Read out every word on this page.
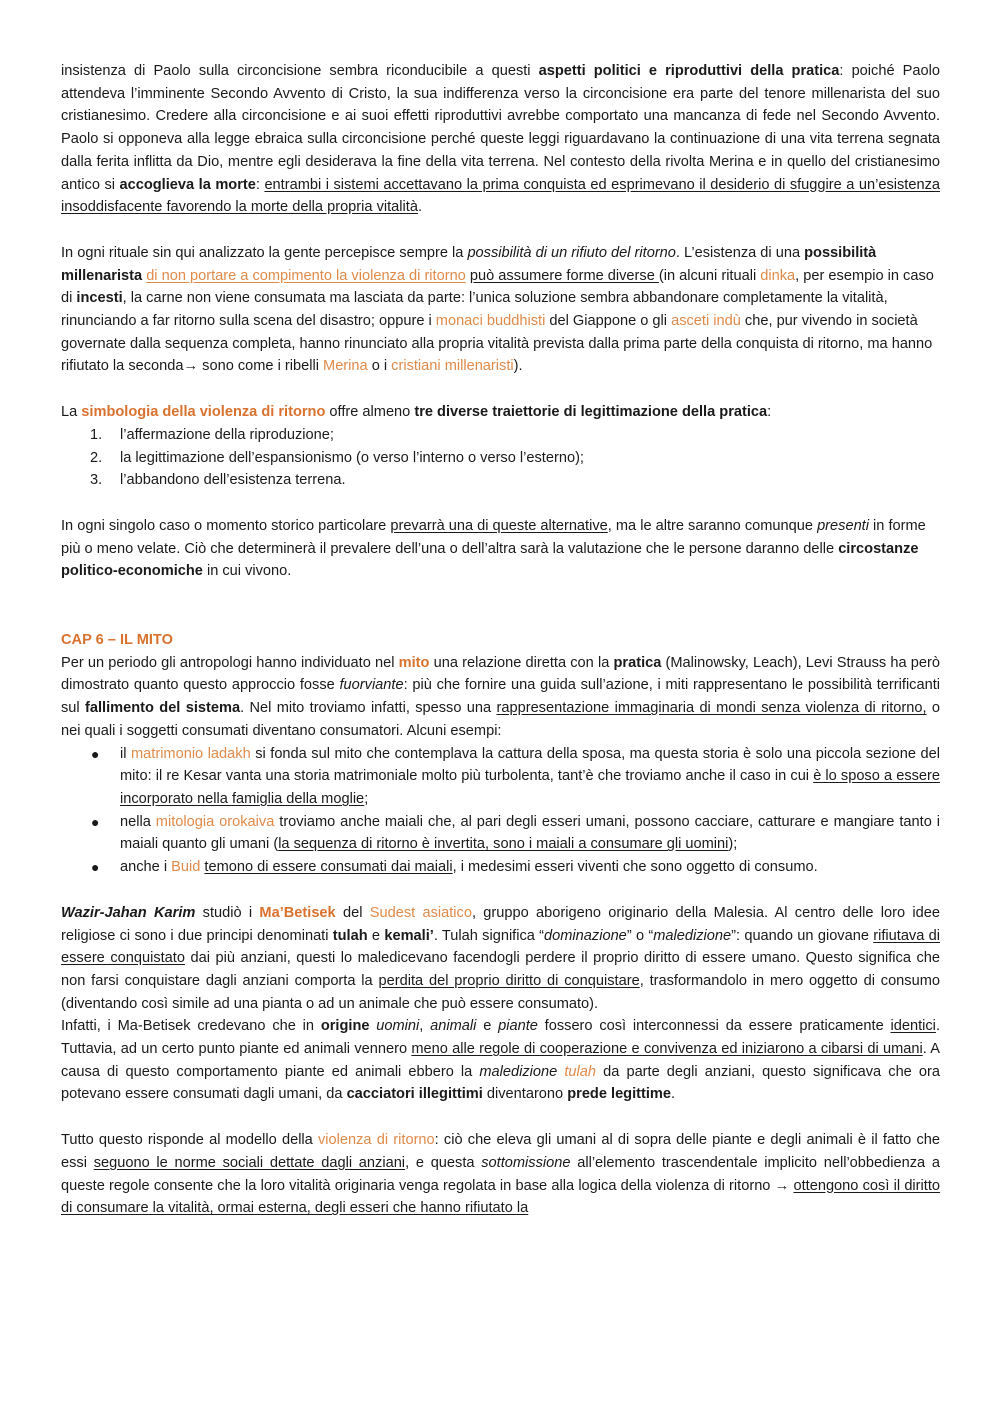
insistenza di Paolo sulla circoncisione sembra riconducibile a questi aspetti politici e riproduttivi della pratica: poiché Paolo attendeva l’imminente Secondo Avvento di Cristo, la sua indifferenza verso la circoncisione era parte del tenore millenarista del suo cristianesimo. Credere alla circoncisione e ai suoi effetti riproduttivi avrebbe comportato una mancanza di fede nel Secondo Avvento. Paolo si opponeva alla legge ebraica sulla circoncisione perché queste leggi riguardavano la continuazione di una vita terrena segnata dalla ferita inflitta da Dio, mentre egli desiderava la fine della vita terrena. Nel contesto della rivolta Merina e in quello del cristianesimo antico si accoglieva la morte: entrambi i sistemi accettavano la prima conquista ed esprimevano il desiderio di sfuggire a un’esistenza insoddisfacente favorendo la morte della propria vitalità.

In ogni rituale sin qui analizzato la gente percepisce sempre la possibilità di un rifiuto del ritorno. L’esistenza di una possibilità millenarista di non portare a compimento la violenza di ritorno può assumere forme diverse (in alcuni rituali dinka, per esempio in caso di incesti, la carne non viene consumata ma lasciata da parte: l’unica soluzione sembra abbandonare completamente la vitalità, rinunciando a far ritorno sulla scena del disastro; oppure i monaci buddhisti del Giappone o gli asceti indù che, pur vivendo in società governate dalla sequenza completa, hanno rinunciato alla propria vitalità prevista dalla prima parte della conquista di ritorno, ma hanno rifiutato la seconda→ sono come i ribelli Merina o i cristiani millenaristi).

La simbologia della violenza di ritorno offre almeno tre diverse traiettorie di legittimazione della pratica:

1. l’affermazione della riproduzione;
2. la legittimazione dell’espansionismo (o verso l’interno o verso l’esterno);
3. l’abbandono dell’esistenza terrena.

In ogni singolo caso o momento storico particolare prevarrà una di queste alternative, ma le altre saranno comunque presenti in forme più o meno velate. Ciò che determinerà il prevalere dell’una o dell’altra sarà la valutazione che le persone daranno delle circostanze politico-economiche in cui vivono.

CAP 6 – IL MITO

Per un periodo gli antropologi hanno individuato nel mito una relazione diretta con la pratica (Malinowsky, Leach), Levi Strauss ha però dimostrato quanto questo approccio fosse fuorviante: più che fornire una guida sull’azione, i miti rappresentano le possibilità terrificanti sul fallimento del sistema. Nel mito troviamo infatti, spesso una rappresentazione immaginaria di mondi senza violenza di ritorno, o nei quali i soggetti consumati diventano consumatori. Alcuni esempi:

● il matrimonio ladakh si fonda sul mito che contemplava la cattura della sposa, ma questa storia è solo una piccola sezione del mito: il re Kesar vanta una storia matrimoniale molto più turbolenta, tant’è che troviamo anche il caso in cui è lo sposo a essere incorporato nella famiglia della moglie;
● nella mitologia orokaiva troviamo anche maiali che, al pari degli esseri umani, possono cacciare, catturare e mangiare tanto i maiali quanto gli umani (la sequenza di ritorno è invertita, sono i maiali a consumare gli uomini);
● anche i Buid temono di essere consumati dai maiali, i medesimi esseri viventi che sono oggetto di consumo.

Wazir-Jahan Karim studiò i Ma’Betisek del Sudest asiatico, gruppo aborigeno originario della Malesia. Al centro delle loro idee religiose ci sono i due principi denominati tulah e kemali’. Tulah significa “dominazione” o “maledizione”: quando un giovane rifiutava di essere conquistato dai più anziani, questi lo maledicevano facendogli perdere il proprio diritto di essere umano. Questo significa che non farsi conquistare dagli anziani comporta la perdita del proprio diritto di conquistare, trasformandolo in mero oggetto di consumo (diventando così simile ad una pianta o ad un animale che può essere consumato).

Infatti, i Ma-Betisek credevano che in origine uomini, animali e piante fossero così interconnessi da essere praticamente identici. Tuttavia, ad un certo punto piante ed animali vennero meno alle regole di cooperazione e convivenza ed iniziarono a cibarsi di umani. A causa di questo comportamento piante ed animali ebbero la maledizione tulah da parte degli anziani, questo significava che ora potevano essere consumati dagli umani, da cacciatori illegittimi diventarono prede legittime.

Tutto questo risponde al modello della violenza di ritorno: ciò che eleva gli umani al di sopra delle piante e degli animali è il fatto che essi seguono le norme sociali dettate dagli anziani, e questa sottomissione all’elemento trascendentale implicito nell’obbedienza a queste regole consente che la loro vitalità originaria venga regolata in base alla logica della violenza di ritorno → ottengono così il diritto di consumare la vitalità, ormai esterna, degli esseri che hanno rifiutato la
